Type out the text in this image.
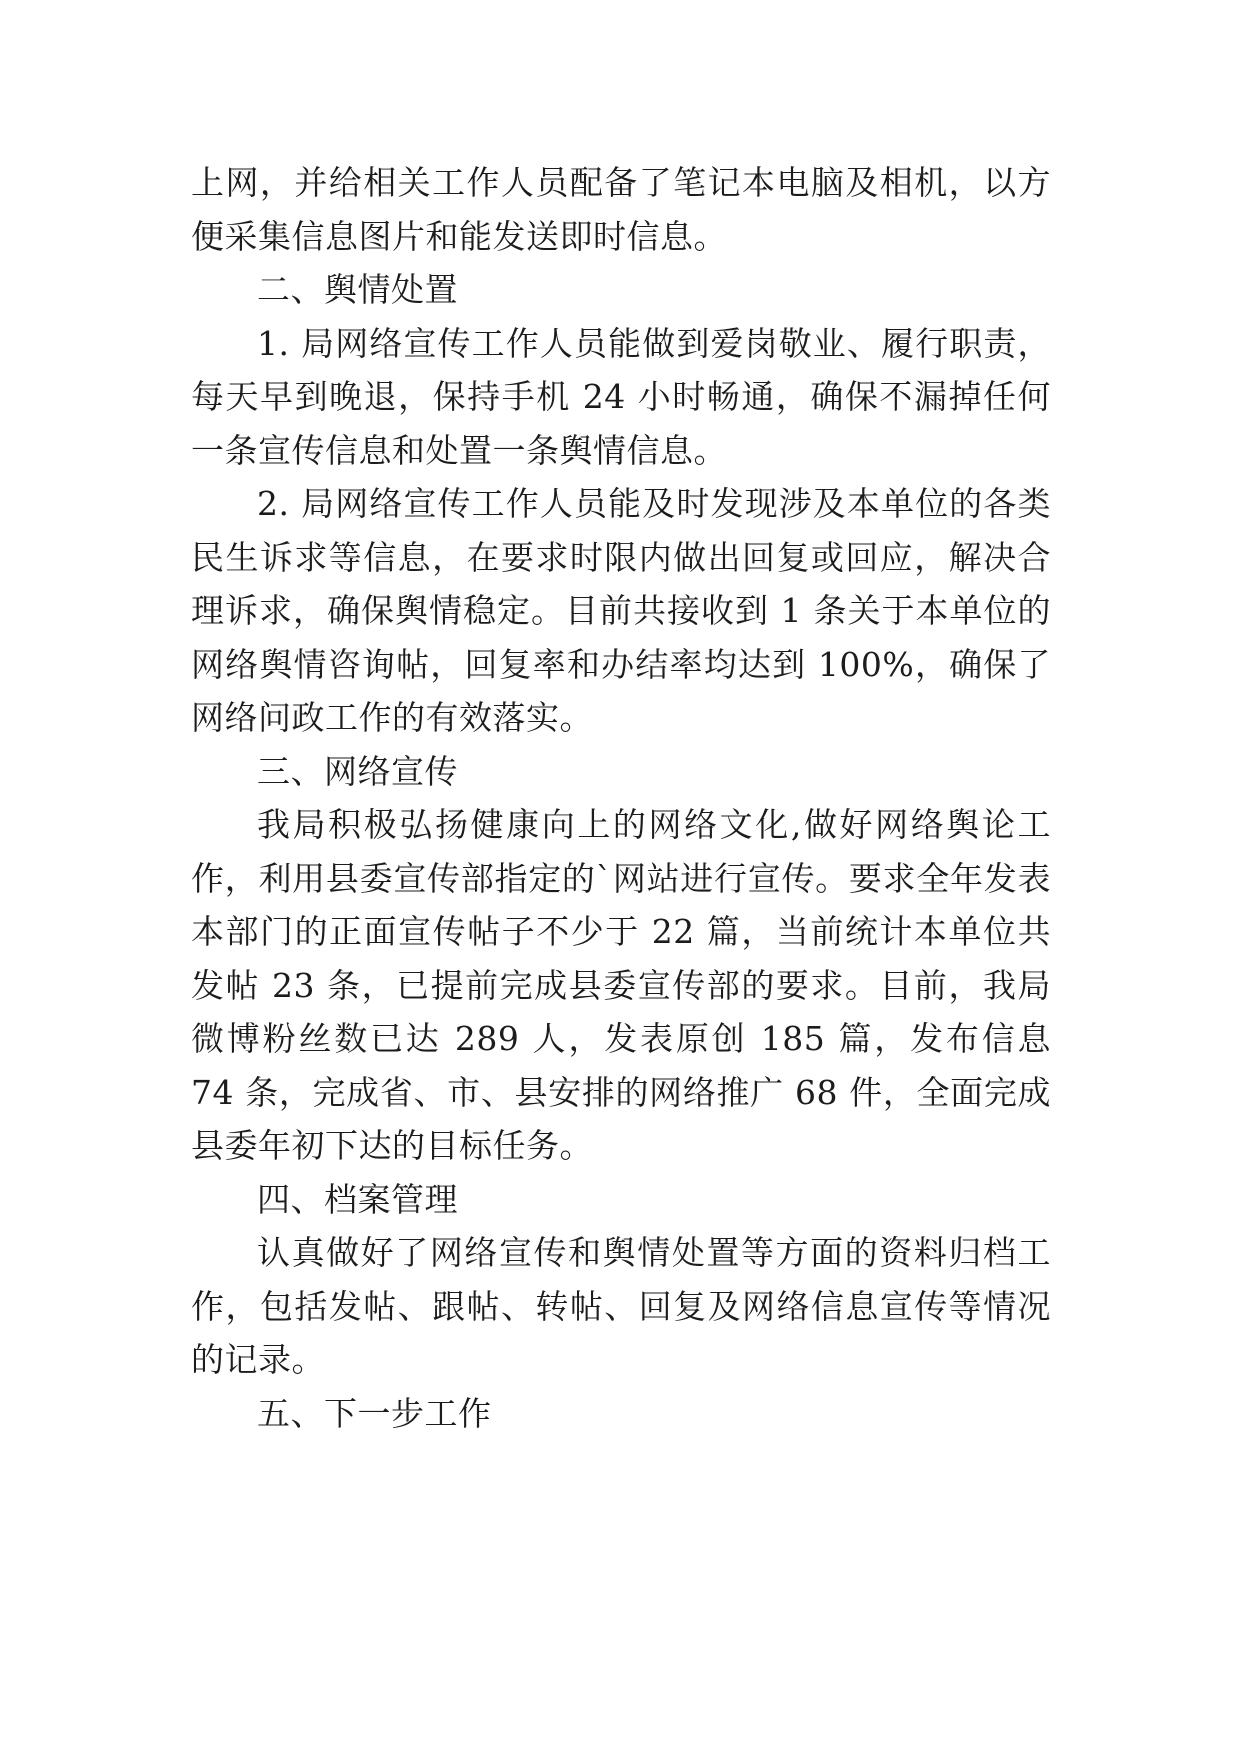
上网，并给相关工作人员配备了笔记本电脑及相机，以方便采集信息图片和能发送即时信息。

二、舆情处置

1. 局网络宣传工作人员能做到爱岗敬业、履行职责，每天早到晚退，保持手机 24 小时畅通，确保不漏掉任何一条宣传信息和处置一条舆情信息。

2. 局网络宣传工作人员能及时发现涉及本单位的各类民生诉求等信息，在要求时限内做出回复或回应，解决合理诉求，确保舆情稳定。目前共接收到 1 条关于本单位的网络舆情咨询帖，回复率和办结率均达到 100%，确保了网络问政工作的有效落实。

三、网络宣传

我局积极弘扬健康向上的网络文化,做好网络舆论工作，利用县委宣传部指定的`网站进行宣传。要求全年发表本部门的正面宣传帖子不少于 22 篇，当前统计本单位共发帖 23 条，已提前完成县委宣传部的要求。目前，我局微博粉丝数已达 289 人，发表原创 185 篇，发布信息 74 条，完成省、市、县安排的网络推广 68 件，全面完成县委年初下达的目标任务。

四、档案管理

认真做好了网络宣传和舆情处置等方面的资料归档工作，包括发帖、跟帖、转帖、回复及网络信息宣传等情况的记录。

五、下一步工作
